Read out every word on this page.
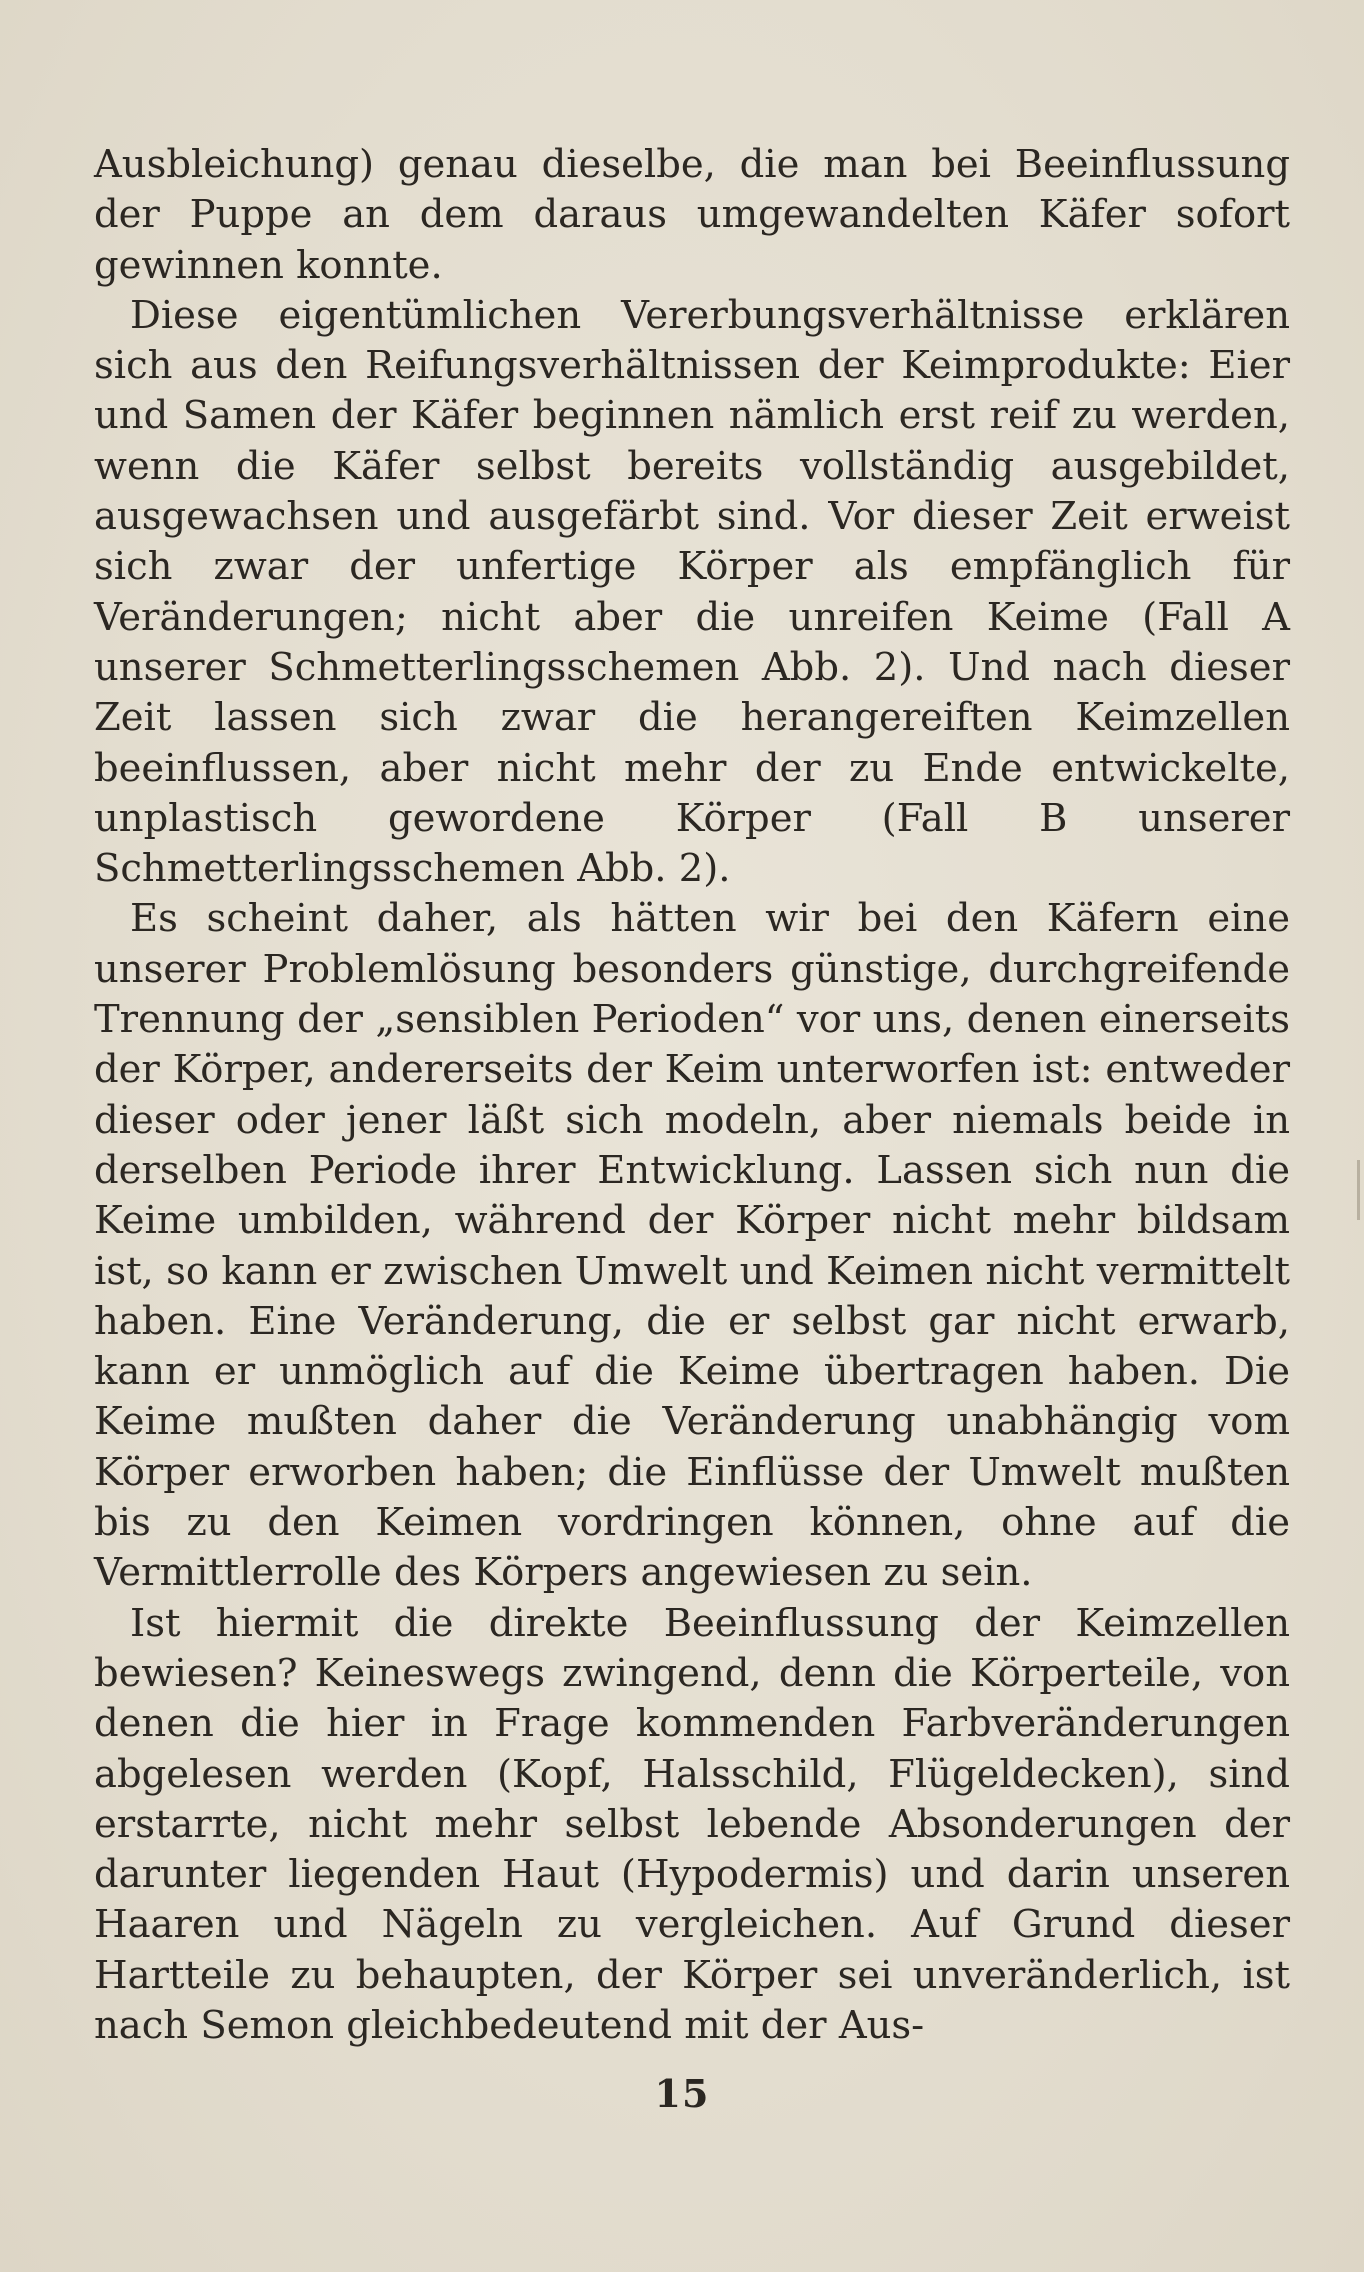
Ausbleichung) genau dieselbe, die man bei Beeinflussung der Puppe an dem daraus umgewandelten Käfer sofort gewinnen konnte.

Diese eigentümlichen Vererbungsverhältnisse erklären sich aus den Reifungsverhältnissen der Keimprodukte: Eier und Samen der Käfer beginnen nämlich erst reif zu werden, wenn die Käfer selbst bereits vollständig ausgebildet, ausgewachsen und ausgefärbt sind. Vor dieser Zeit erweist sich zwar der unfertige Körper als empfänglich für Veränderungen; nicht aber die unreifen Keime (Fall A unserer Schmetterlingsschemen Abb. 2). Und nach dieser Zeit lassen sich zwar die herangereiften Keimzellen beeinflussen, aber nicht mehr der zu Ende entwickelte, unplastisch gewordene Körper (Fall B unserer Schmetterlingsschemen Abb. 2).

Es scheint daher, als hätten wir bei den Käfern eine unserer Problemlösung besonders günstige, durchgreifende Trennung der „sensiblen Perioden“ vor uns, denen einerseits der Körper, andererseits der Keim unterworfen ist: entweder dieser oder jener läßt sich modeln, aber niemals beide in derselben Periode ihrer Entwicklung. Lassen sich nun die Keime umbilden, während der Körper nicht mehr bildsam ist, so kann er zwischen Umwelt und Keimen nicht vermittelt haben. Eine Veränderung, die er selbst gar nicht erwarb, kann er unmöglich auf die Keime übertragen haben. Die Keime mußten daher die Veränderung unabhängig vom Körper erworben haben; die Einflüsse der Umwelt mußten bis zu den Keimen vordringen können, ohne auf die Vermittlerrolle des Körpers angewiesen zu sein.

Ist hiermit die direkte Beeinflussung der Keimzellen bewiesen? Keineswegs zwingend, denn die Körperteile, von denen die hier in Frage kommenden Farbveränderungen abgelesen werden (Kopf, Halsschild, Flügeldecken), sind erstarrte, nicht mehr selbst lebende Absonderungen der darunter liegenden Haut (Hypodermis) und darin unseren Haaren und Nägeln zu vergleichen. Auf Grund dieser Hartteile zu behaupten, der Körper sei unveränderlich, ist nach Semon gleichbedeutend mit der Aus-

15
